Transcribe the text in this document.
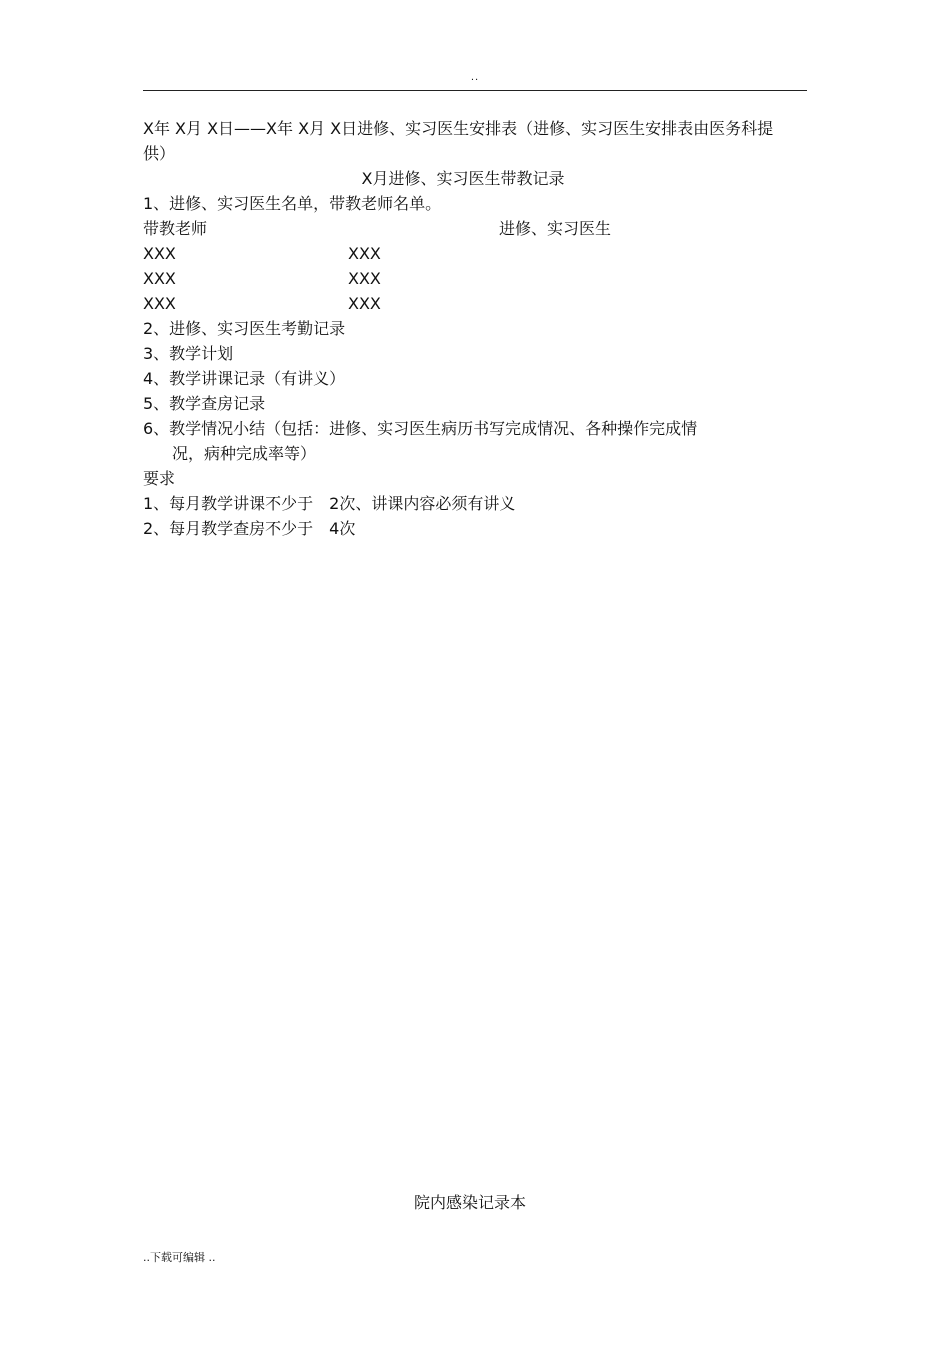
..
X年 X月 X日——X年 X月 X日进修、实习医生安排表（进修、实习医生安排表由医务科提供）
X月进修、实习医生带教记录
1、进修、实习医生名单，带教老师名单。
带教老师	进修、实习医生
XXX	XXX
XXX	XXX
XXX	XXX
2、进修、实习医生考勤记录
3、教学计划
4、教学讲课记录（有讲义）
5、教学查房记录
6、教学情况小结（包括：进修、实习医生病历书写完成情况、各种操作完成情
况，病种完成率等）
要求
1、每月教学讲课不少于　2次、讲课内容必须有讲义
2、每月教学查房不少于　4次
院内感染记录本
..下载可编辑 ..
